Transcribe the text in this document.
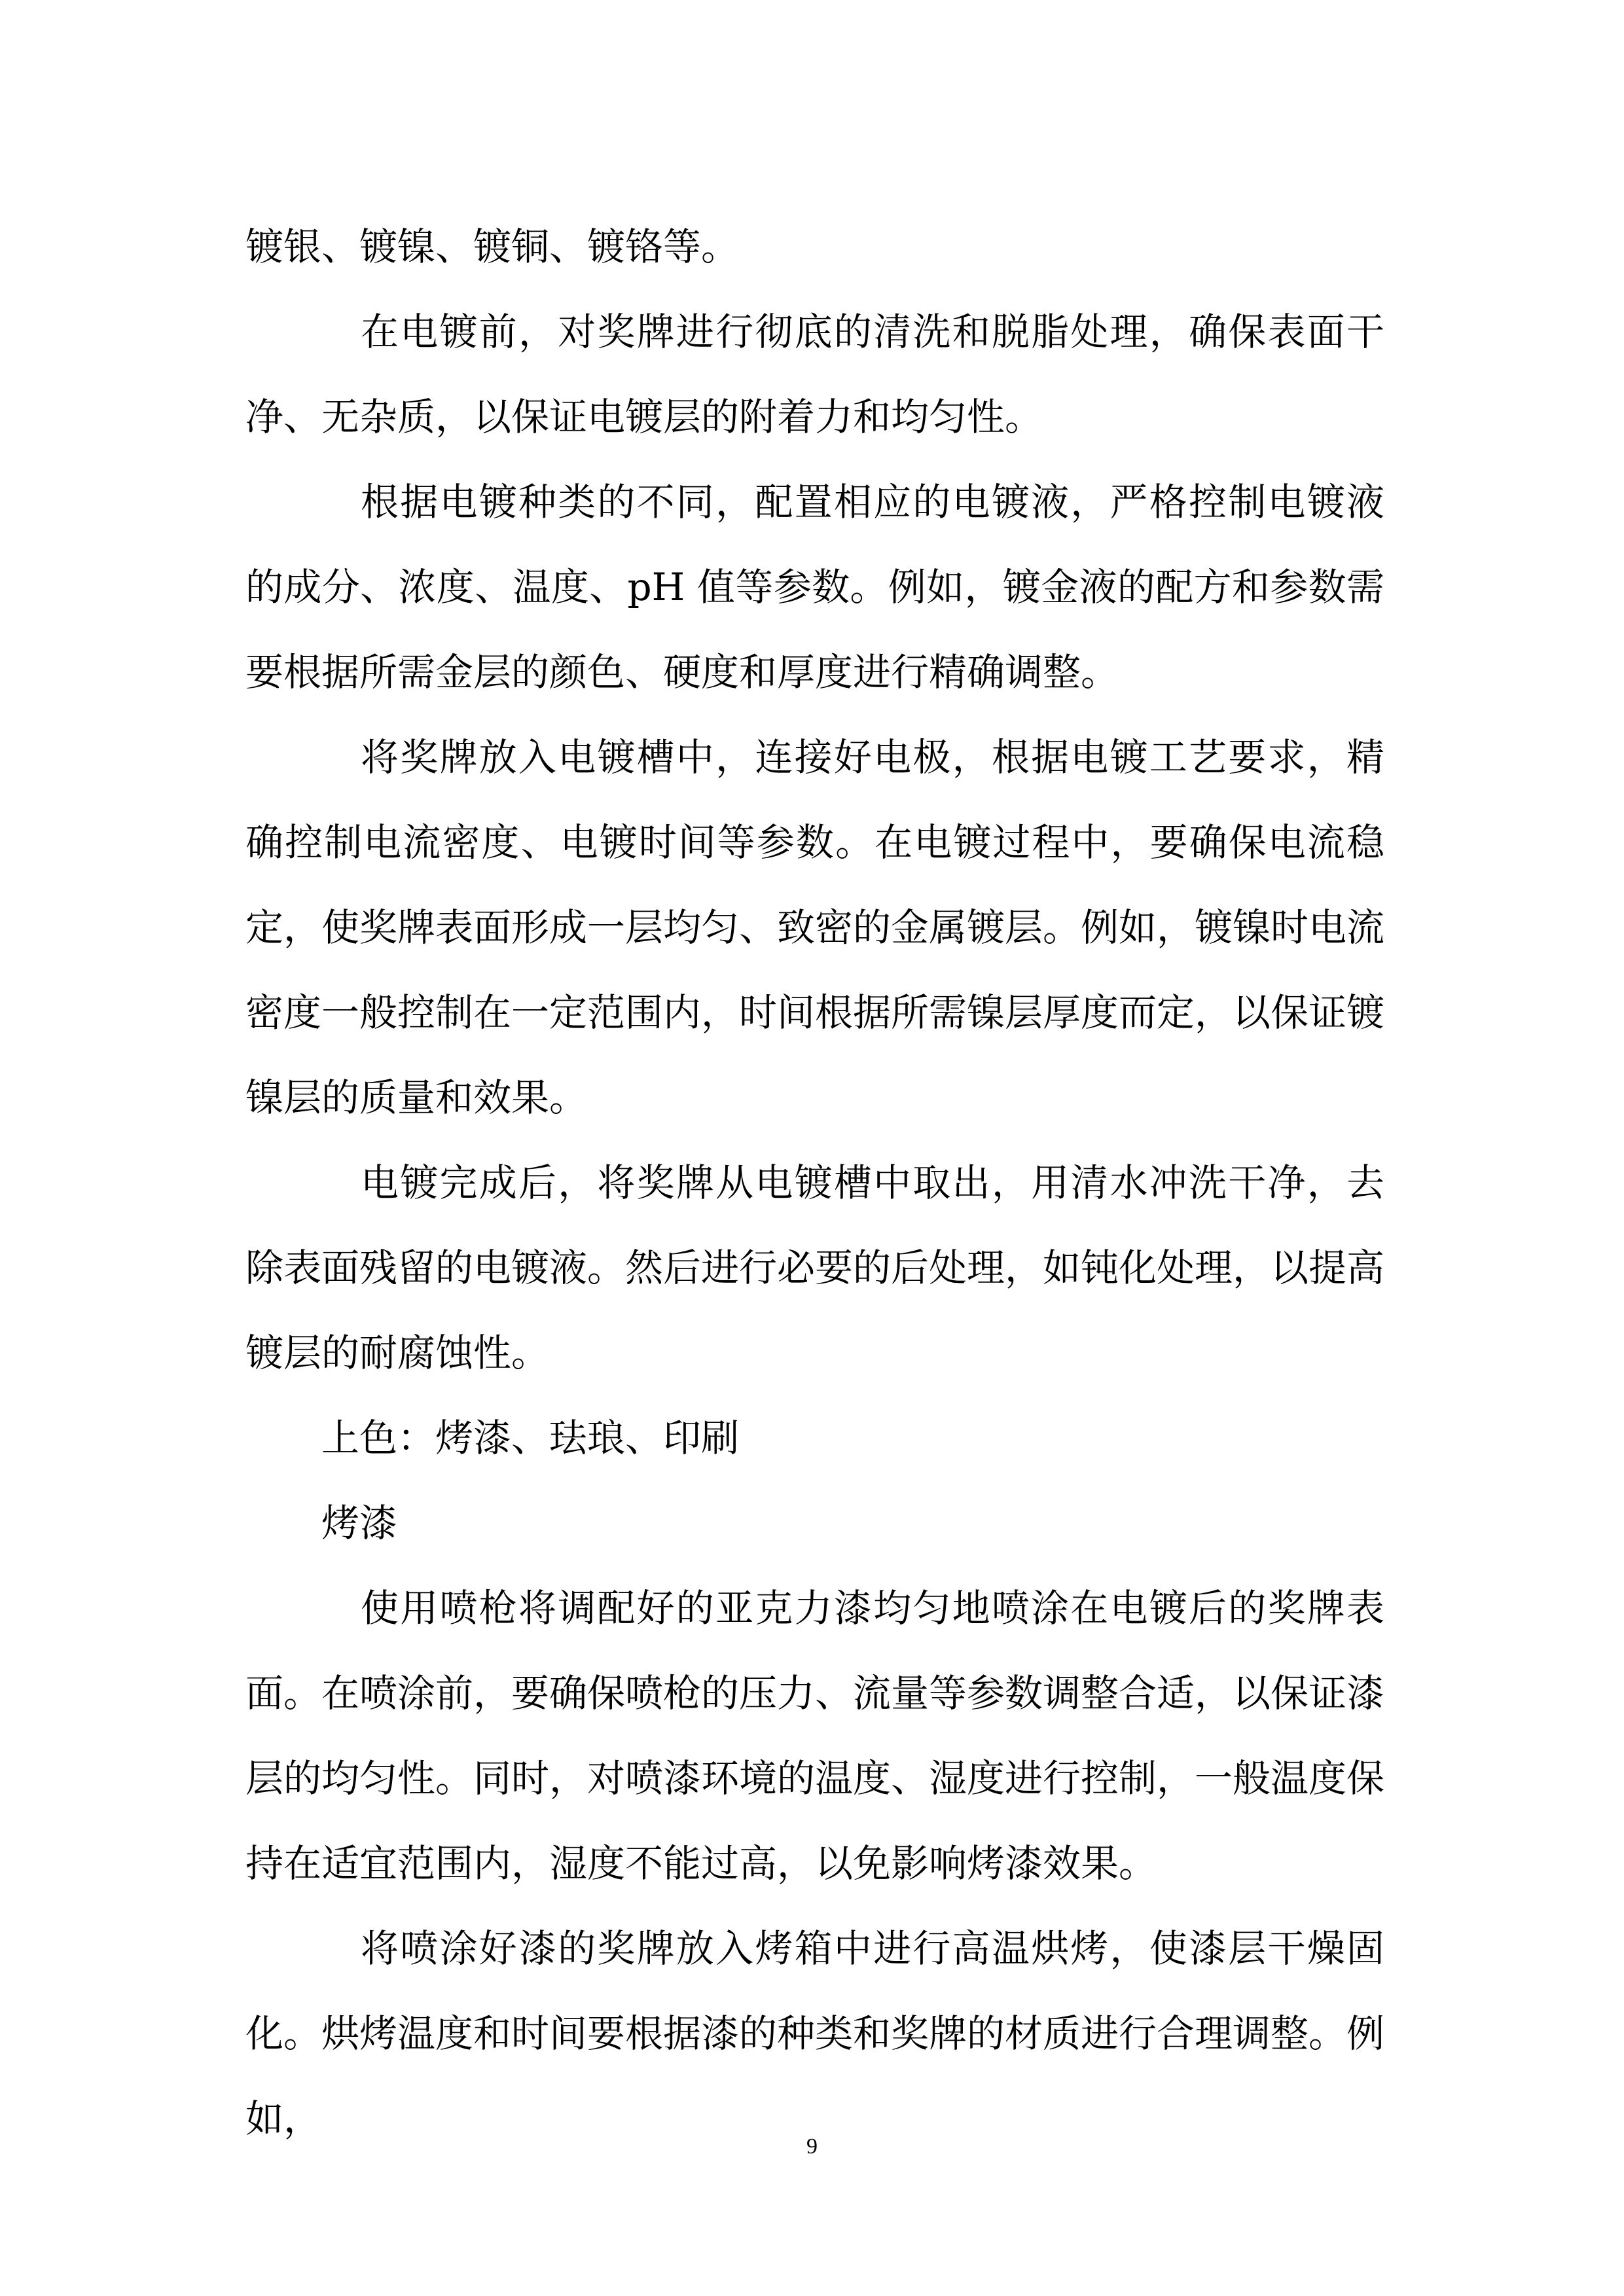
镀银、镀镍、镀铜、镀铬等。

在电镀前，对奖牌进行彻底的清洗和脱脂处理，确保表面干净、无杂质，以保证电镀层的附着力和均匀性。

根据电镀种类的不同，配置相应的电镀液，严格控制电镀液的成分、浓度、温度、pH 值等参数。例如，镀金液的配方和参数需要根据所需金层的颜色、硬度和厚度进行精确调整。

将奖牌放入电镀槽中，连接好电极，根据电镀工艺要求，精确控制电流密度、电镀时间等参数。在电镀过程中，要确保电流稳定，使奖牌表面形成一层均匀、致密的金属镀层。例如，镀镍时电流密度一般控制在一定范围内，时间根据所需镍层厚度而定，以保证镀镍层的质量和效果。

电镀完成后，将奖牌从电镀槽中取出，用清水冲洗干净，去除表面残留的电镀液。然后进行必要的后处理，如钝化处理，以提高镀层的耐腐蚀性。

上色：烤漆、珐琅、印刷

烤漆

使用喷枪将调配好的亚克力漆均匀地喷涂在电镀后的奖牌表面。在喷涂前，要确保喷枪的压力、流量等参数调整合适，以保证漆层的均匀性。同时，对喷漆环境的温度、湿度进行控制，一般温度保持在适宜范围内，湿度不能过高，以免影响烤漆效果。

将喷涂好漆的奖牌放入烤箱中进行高温烘烤，使漆层干燥固化。烘烤温度和时间要根据漆的种类和奖牌的材质进行合理调整。例如，

9
